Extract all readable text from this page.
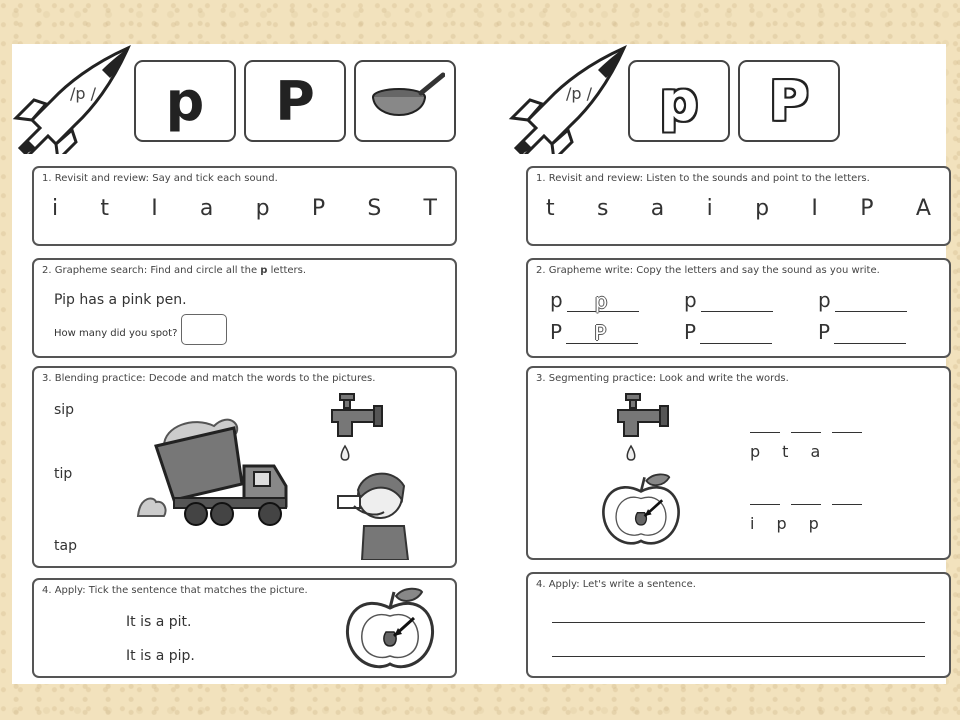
/p / p P
1. Revisit and review: Say and tick each sound.
i t I a p P S T
2. Grapheme search: Find and circle all the p letters.
Pip has a pink pen.
How many did you spot?
3. Blending practice: Decode and match the words to the pictures.
sip
tip
tap
4. Apply: Tick the sentence that matches the picture.
It is a pit.
It is a pip.
/p / p P
1. Revisit and review: Listen to the sounds and point to the letters.
t s a i p I P A
2. Grapheme write: Copy the letters and say the sound as you write.
p p	p	p
P P	P	P
3. Segmenting practice: Look and write the words.
p t a
i p p
4. Apply: Let's write a sentence.
